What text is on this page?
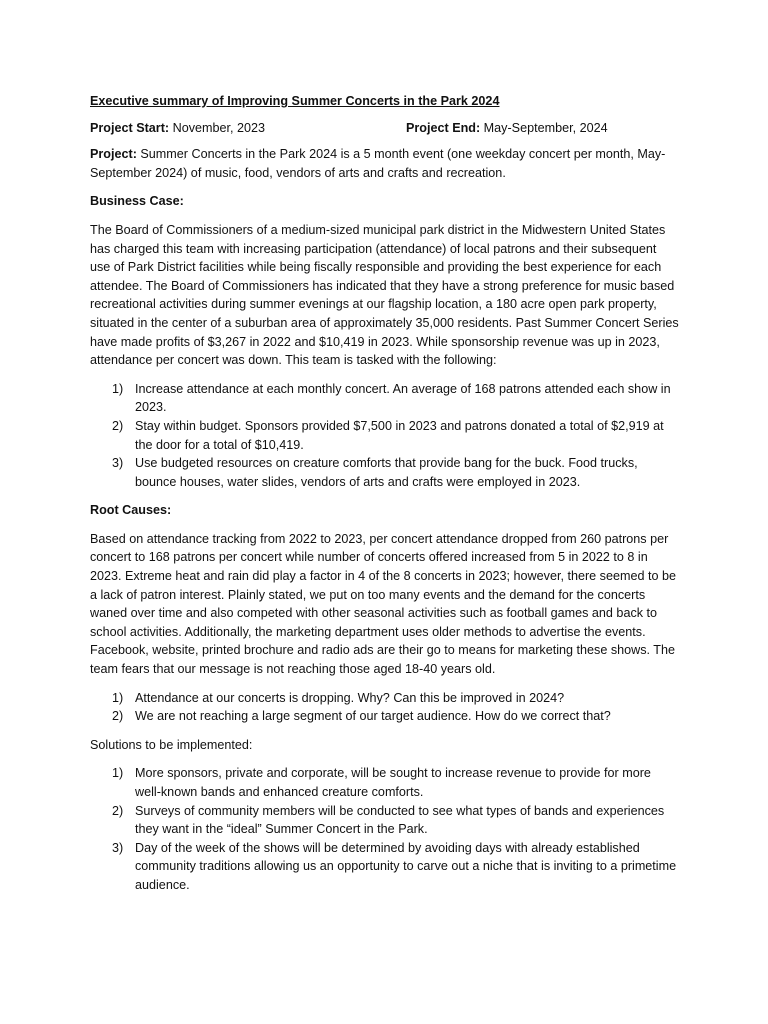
Executive summary of Improving Summer Concerts in the Park 2024
Project Start: November, 2023	Project End: May-September, 2024

Project: Summer Concerts in the Park 2024 is a 5 month event (one weekday concert per month, May-September 2024) of music, food, vendors of arts and crafts and recreation.

Business Case:

The Board of Commissioners of a medium-sized municipal park district in the Midwestern United States has charged this team with increasing participation (attendance) of local patrons and their subsequent use of Park District facilities while being fiscally responsible and providing the best experience for each attendee. The Board of Commissioners has indicated that they have a strong preference for music based recreational activities during summer evenings at our flagship location, a 180 acre open park property, situated in the center of a suburban area of approximately 35,000 residents. Past Summer Concert Series have made profits of $3,267 in 2022 and $10,419 in 2023. While sponsorship revenue was up in 2023, attendance per concert was down. This team is tasked with the following:

1) Increase attendance at each monthly concert. An average of 168 patrons attended each show in 2023.
2) Stay within budget. Sponsors provided $7,500 in 2023 and patrons donated a total of $2,919 at the door for a total of $10,419.
3) Use budgeted resources on creature comforts that provide bang for the buck. Food trucks, bounce houses, water slides, vendors of arts and crafts were employed in 2023.
Root Causes:

Based on attendance tracking from 2022 to 2023, per concert attendance dropped from 260 patrons per concert to 168 patrons per concert while number of concerts offered increased from 5 in 2022 to 8 in 2023. Extreme heat and rain did play a factor in 4 of the 8 concerts in 2023; however, there seemed to be a lack of patron interest. Plainly stated, we put on too many events and the demand for the concerts waned over time and also competed with other seasonal activities such as football games and back to school activities. Additionally, the marketing department uses older methods to advertise the events. Facebook, website, printed brochure and radio ads are their go to means for marketing these shows. The team fears that our message is not reaching those aged 18-40 years old.

1) Attendance at our concerts is dropping. Why? Can this be improved in 2024?
2) We are not reaching a large segment of our target audience. How do we correct that?

Solutions to be implemented:

1) More sponsors, private and corporate, will be sought to increase revenue to provide for more well-known bands and enhanced creature comforts.
2) Surveys of community members will be conducted to see what types of bands and experiences they want in the “ideal” Summer Concert in the Park.
3) Day of the week of the shows will be determined by avoiding days with already established community traditions allowing us an opportunity to carve out a niche that is inviting to a primetime audience.
